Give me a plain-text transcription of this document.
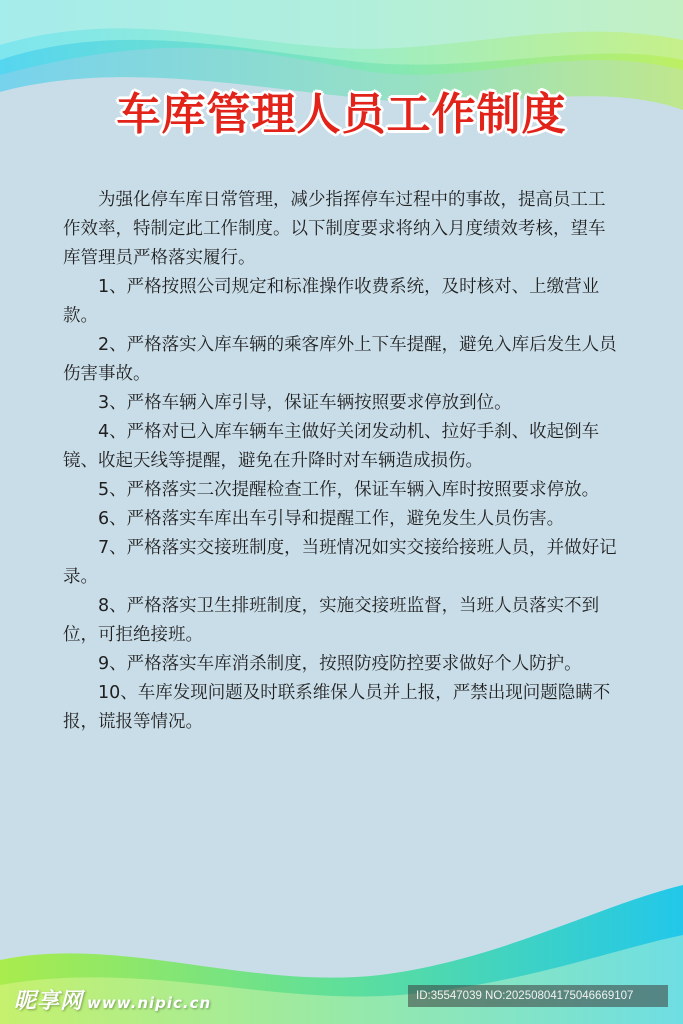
车库管理人员工作制度

为强化停车库日常管理，减少指挥停车过程中的事故，提高员工工作效率，特制定此工作制度。以下制度要求将纳入月度绩效考核，望车库管理员严格落实履行。

1、严格按照公司规定和标准操作收费系统，及时核对、上缴营业款。

2、严格落实入库车辆的乘客库外上下车提醒，避免入库后发生人员伤害事故。

3、严格车辆入库引导，保证车辆按照要求停放到位。

4、严格对已入库车辆车主做好关闭发动机、拉好手刹、收起倒车镜、收起天线等提醒，避免在升降时对车辆造成损伤。

5、严格落实二次提醒检查工作，保证车辆入库时按照要求停放。

6、严格落实车库出车引导和提醒工作，避免发生人员伤害。

7、严格落实交接班制度，当班情况如实交接给接班人员，并做好记录。

8、严格落实卫生排班制度，实施交接班监督，当班人员落实不到位，可拒绝接班。

9、严格落实车库消杀制度，按照防疫防控要求做好个人防护。

10、车库发现问题及时联系维保人员并上报，严禁出现问题隐瞒不报，谎报等情况。

昵享网 www.nipic.cn	ID:35547039 NO:20250804175046669107
